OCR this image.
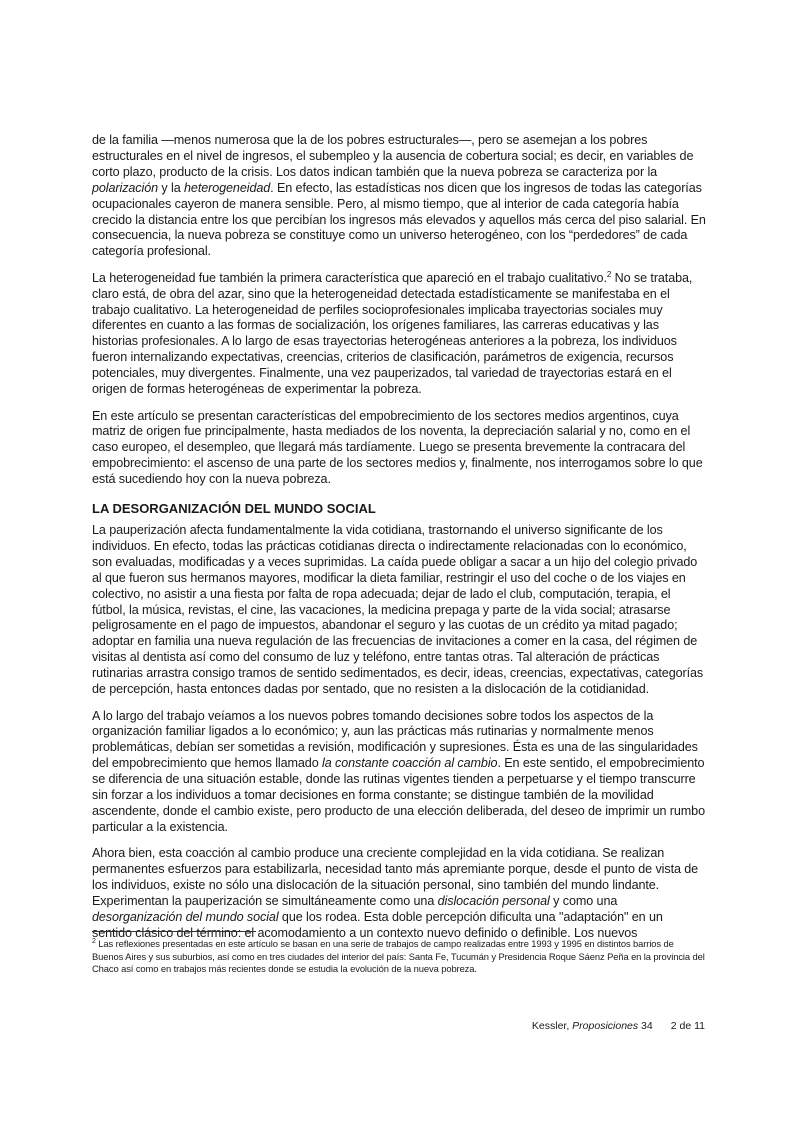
de la familia —menos numerosa que la de los pobres estructurales—, pero se asemejan a los pobres estructurales en el nivel de ingresos, el subempleo y la ausencia de cobertura social; es decir, en variables de corto plazo, producto de la crisis. Los datos indican también que la nueva pobreza se caracteriza por la polarización y la heterogeneidad. En efecto, las estadísticas nos dicen que los ingresos de todas las categorías ocupacionales cayeron de manera sensible. Pero, al mismo tiempo, que al interior de cada categoría había crecido la distancia entre los que percibían los ingresos más elevados y aquellos más cerca del piso salarial. En consecuencia, la nueva pobreza se constituye como un universo heterogéneo, con los “perdedores” de cada categoría profesional.

La heterogeneidad fue también la primera característica que apareció en el trabajo cualitativo.$^2$ No se trataba, claro está, de obra del azar, sino que la heterogeneidad detectada estadísticamente se manifestaba en el trabajo cualitativo. La heterogeneidad de perfiles socioprofesionales implicaba trayectorias sociales muy diferentes en cuanto a las formas de socialización, los orígenes familiares, las carreras educativas y las historias profesionales. A lo largo de esas trayectorias heterogéneas anteriores a la pobreza, los individuos fueron internalizando expectativas, creencias, criterios de clasificación, parámetros de exigencia, recursos potenciales, muy divergentes. Finalmente, una vez pauperizados, tal variedad de trayectorias estará en el origen de formas heterogéneas de experimentar la pobreza.

En este artículo se presentan características del empobrecimiento de los sectores medios argentinos, cuya matriz de origen fue principalmente, hasta mediados de los noventa, la depreciación salarial y no, como en el caso europeo, el desempleo, que llegará más tardíamente. Luego se presenta brevemente la contracara del empobrecimiento: el ascenso de una parte de los sectores medios y, finalmente, nos interrogamos sobre lo que está sucediendo hoy con la nueva pobreza.

LA DESORGANIZACIÓN DEL MUNDO SOCIAL

La pauperización afecta fundamentalmente la vida cotidiana, trastornando el universo significante de los individuos. En efecto, todas las prácticas cotidianas directa o indirectamente relacionadas con lo económico, son evaluadas, modificadas y a veces suprimidas. La caída puede obligar a sacar a un hijo del colegio privado al que fueron sus hermanos mayores, modificar la dieta familiar, restringir el uso del coche o de los viajes en colectivo, no asistir a una fiesta por falta de ropa adecuada; dejar de lado el club, computación, terapia, el fútbol, la música, revistas, el cine, las vacaciones, la medicina prepaga y parte de la vida social; atrasarse peligrosamente en el pago de impuestos, abandonar el seguro y las cuotas de un crédito ya mitad pagado; adoptar en familia una nueva regulación de las frecuencias de invitaciones a comer en la casa, del régimen de visitas al dentista así como del consumo de luz y teléfono, entre tantas otras. Tal alteración de prácticas rutinarias arrastra consigo tramos de sentido sedimentados, es decir, ideas, creencias, expectativas, categorías de percepción, hasta entonces dadas por sentado, que no resisten a la dislocación de la cotidianidad.

A lo largo del trabajo veíamos a los nuevos pobres tomando decisiones sobre todos los aspectos de la organización familiar ligados a lo económico; y, aun las prácticas más rutinarias y normalmente menos problemáticas, debían ser sometidas a revisión, modificación y supresiones. Ésta es una de las singularidades del empobrecimiento que hemos llamado la constante coacción al cambio. En este sentido, el empobrecimiento se diferencia de una situación estable, donde las rutinas vigentes tienden a perpetuarse y el tiempo transcurre sin forzar a los individuos a tomar decisiones en forma constante; se distingue también de la movilidad ascendente, donde el cambio existe, pero producto de una elección deliberada, del deseo de imprimir un rumbo particular a la existencia.

Ahora bien, esta coacción al cambio produce una creciente complejidad en la vida cotidiana. Se realizan permanentes esfuerzos para estabilizarla, necesidad tanto más apremiante porque, desde el punto de vista de los individuos, existe no sólo una dislocación de la situación personal, sino también del mundo lindante. Experimentan la pauperización se simultáneamente como una dislocación personal y como una desorganización del mundo social que los rodea. Esta doble percepción dificulta una "adaptación" en un sentido clásico del término: el acomodamiento a un contexto nuevo definido o definible. Los nuevos

$^2$ Las reflexiones presentadas en este artículo se basan en una serie de trabajos de campo realizadas entre 1993 y 1995 en distintos barrios de Buenos Aires y sus suburbios, así como en tres ciudades del interior del país: Santa Fe, Tucumán y Presidencia Roque Sáenz Peña en la provincia del Chaco así como en trabajos más recientes donde se estudia la evolución de la nueva pobreza.
Kessler, Proposiciones 34 2 de 11
